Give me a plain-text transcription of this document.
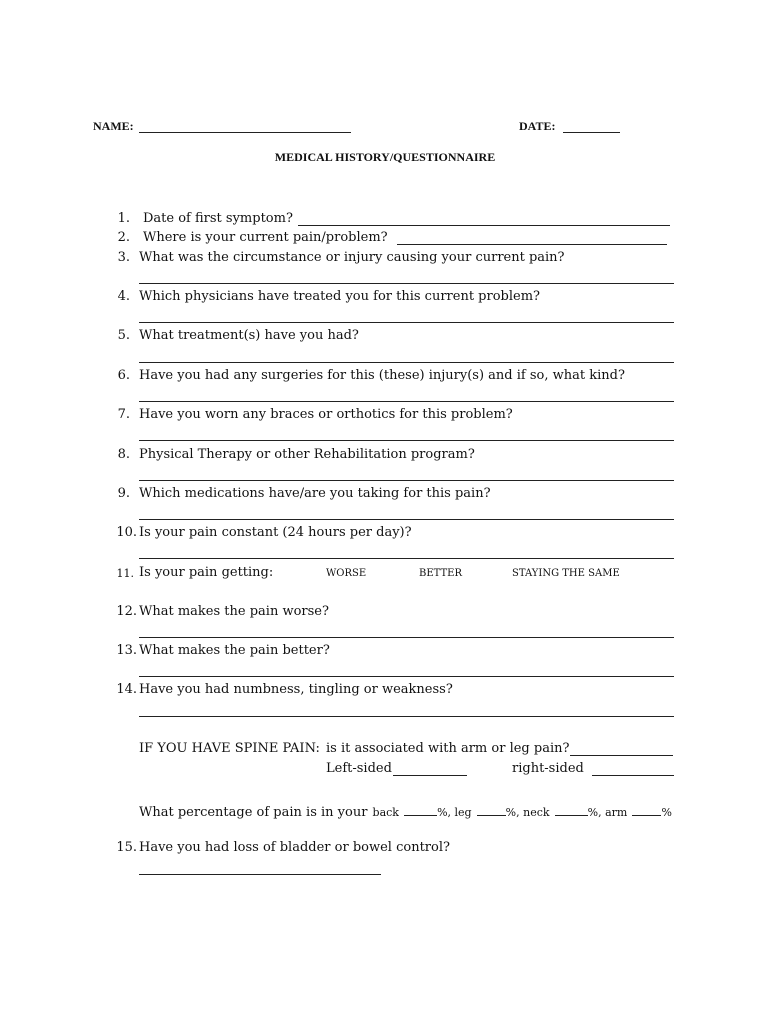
NAME:	DATE:
MEDICAL HISTORY/QUESTIONNAIRE
1. Date of first symptom?
2. Where is your current pain/problem?
3. What was the circumstance or injury causing your current pain?
4. Which physicians have treated you for this current problem?
5. What treatment(s) have you had?
6. Have you had any surgeries for this (these) injury(s) and if so, what kind?
7. Have you worn any braces or orthotics for this problem?
8. Physical Therapy or other Rehabilitation program?
9. Which medications have/are you taking for this pain?
10. Is your pain constant (24 hours per day)?
11. Is your pain getting:	WORSE	BETTER	STAYING THE SAME
12. What makes the pain worse?
13. What makes the pain better?
14. Have you had numbness, tingling or weakness?
IF YOU HAVE SPINE PAIN: is it associated with arm or leg pain?
Left-sided	right-sided
What percentage of pain is in your back	%, leg	%, neck	%, arm	%
15. Have you had loss of bladder or bowel control?
